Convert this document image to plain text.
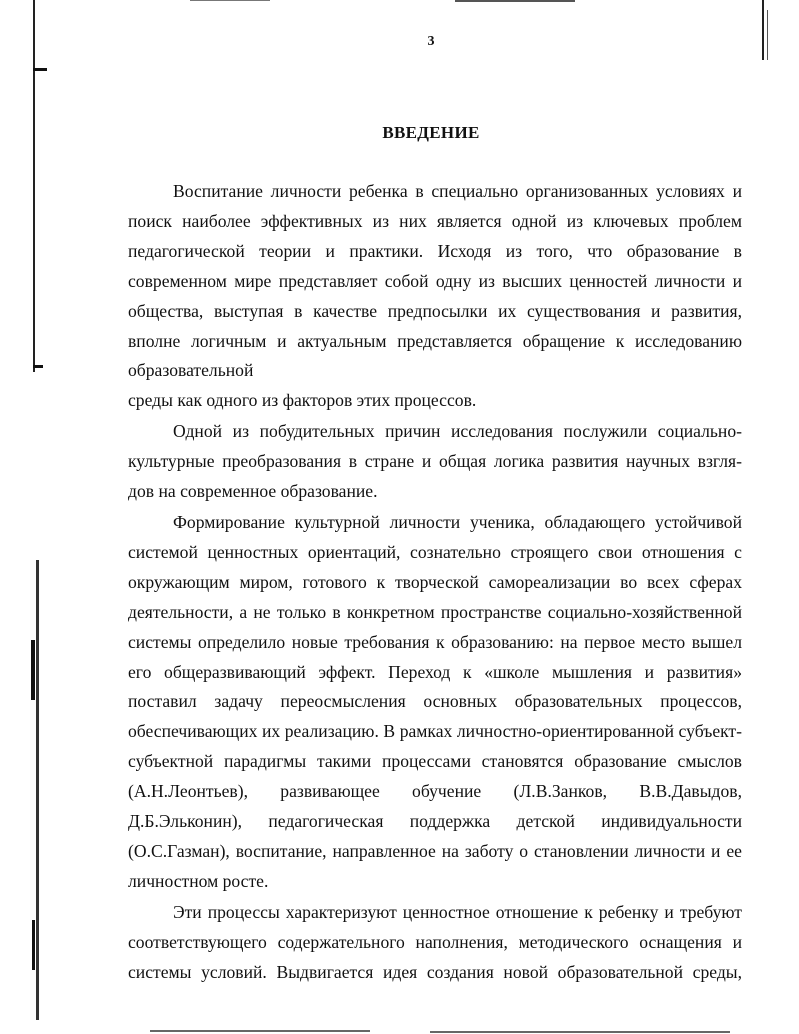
3
ВВЕДЕНИЕ

Воспитание личности ребенка в специально организованных условиях и поиск наиболее эффективных из них является одной из ключевых проблем педагогической теории и практики. Исходя из того, что образование в современном мире представляет собой одну из высших ценностей личности и общества, выступая в качестве предпосылки их существования и развития, вполне логичным и актуальным представляется обращение к исследованию образовательной
среды как одного из факторов этих процессов.

Одной из побудительных причин исследования послужили социально-культурные преобразования в стране и общая логика развития научных взгля-
дов на современное образование.

Формирование культурной личности ученика, обладающего устойчивой системой ценностных ориентаций, сознательно строящего свои отношения с окружающим миром, готового к творческой самореализации во всех сферах деятельности, а не только в конкретном пространстве социально-хозяйственной системы определило новые требования к образованию: на первое место вышел его общеразвивающий эффект. Переход к «школе мышления и развития» поставил задачу переосмысления основных образовательных процессов, обеспечивающих их реализацию. В рамках личностно-ориентированной субъект-субъектной парадигмы такими процессами становятся образование смыслов (А.Н.Леонтьев), развивающее обучение (Л.В.Занков, В.В.Давыдов, Д.Б.Эльконин), педагогическая поддержка детской индивидуальности (О.С.Газман), воспитание, направленное на заботу о становлении личности и ее
личностном росте.

Эти процессы характеризуют ценностное отношение к ребенку и требуют соответствующего содержательного наполнения, методического оснащения и системы условий. Выдвигается идея создания новой образовательной среды,
